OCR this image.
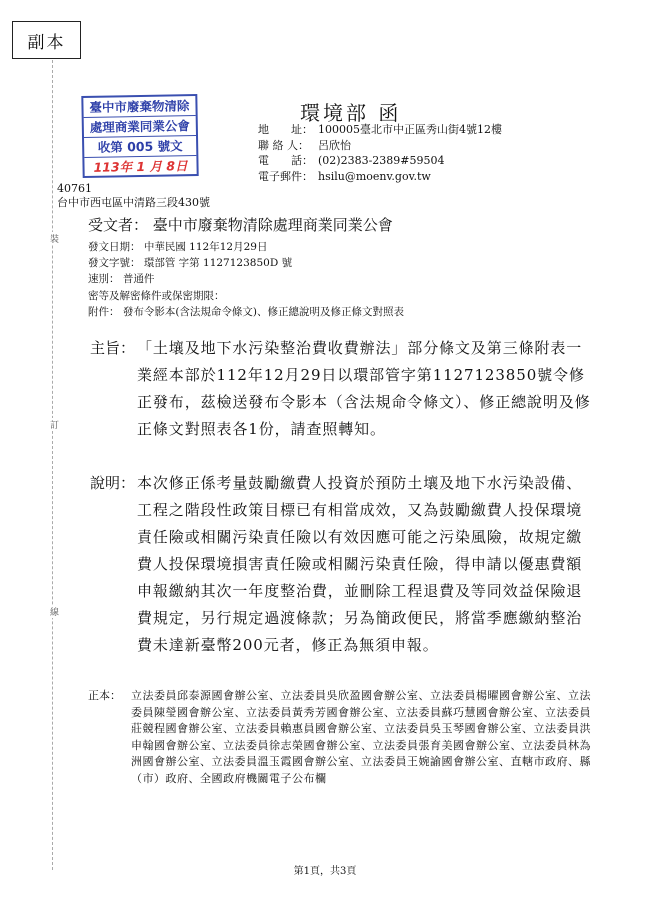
副本
臺中市廢棄物清除
處理商業同業公會
收第 005 號文
113年 1 月 8日
環境部 函
地　　址： 100005臺北市中正區秀山街4號12樓
聯 絡 人： 呂欣怡
電　　話： (02)2383-2389#59504
電子郵件： hsilu@moenv.gov.tw
40761
台中市西屯區中清路三段430號
受文者： 臺中市廢棄物清除處理商業同業公會
發文日期： 中華民國 112年12月29日
發文字號： 環部管 字第 1127123850D 號
速別： 普通件
密等及解密條件或保密期限：
附件： 發布令影本(含法規命令條文)、修正總說明及修正條文對照表
主旨： 「土壤及地下水污染整治費收費辦法」部分條文及第三條附表一業經本部於112年12月29日以環部管字第1127123850號令修正發布，茲檢送發布令影本（含法規命令條文）、修正總說明及修正條文對照表各1份，請查照轉知。
說明： 本次修正係考量鼓勵繳費人投資於預防土壤及地下水污染設備、工程之階段性政策目標已有相當成效，又為鼓勵繳費人投保環境責任險或相關污染責任險以有效因應可能之污染風險，故規定繳費人投保環境損害責任險或相關污染責任險，得申請以優惠費額申報繳納其次一年度整治費，並刪除工程退費及等同效益保險退費規定，另行規定過渡條款；另為簡政便民，將當季應繳納整治費未達新臺幣200元者，修正為無須申報。
正本： 立法委員邱泰源國會辦公室、立法委員吳欣盈國會辦公室、立法委員楊曜國會辦公室、立法委員陳瑩國會辦公室、立法委員黃秀芳國會辦公室、立法委員蘇巧慧國會辦公室、立法委員莊競程國會辦公室、立法委員賴惠員國會辦公室、立法委員吳玉琴國會辦公室、立法委員洪申翰國會辦公室、立法委員徐志榮國會辦公室、立法委員張育美國會辦公室、立法委員林為洲國會辦公室、立法委員溫玉霞國會辦公室、立法委員王婉諭國會辦公室、直轄市政府、縣（市）政府、全國政府機關電子公布欄
裝
訂
線
第1頁，共3頁
